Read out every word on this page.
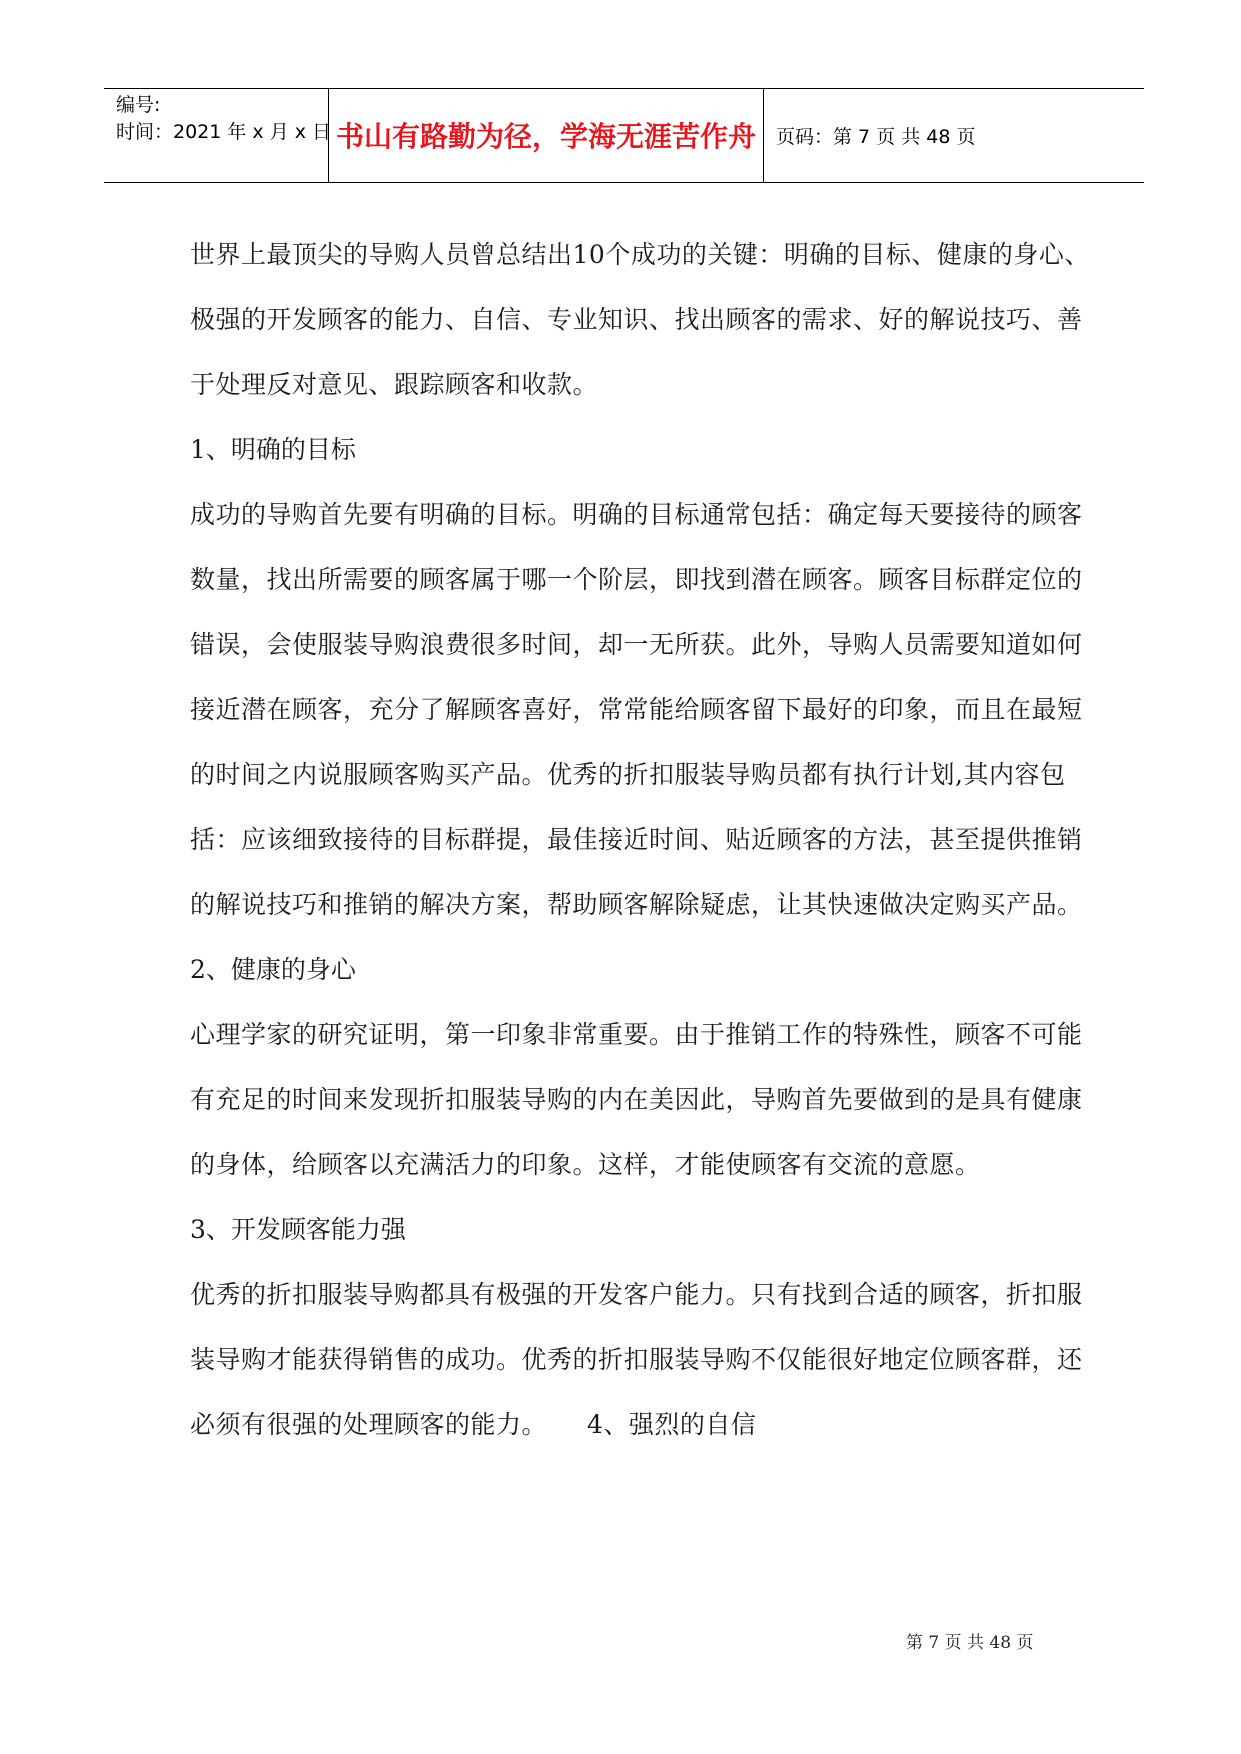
编号:
时间：2021 年 x 月 x 日 书山有路勤为径，学海无涯苦作舟	页码：第 7 页 共 48 页

世界上最顶尖的导购人员曾总结出10个成功的关键：明确的目标、健康的身心、极强的开发顾客的能力、自信、专业知识、找出顾客的需求、好的解说技巧、善于处理反对意见、跟踪顾客和收款。

1、明确的目标

成功的导购首先要有明确的目标。明确的目标通常包括：确定每天要接待的顾客数量，找出所需要的顾客属于哪一个阶层，即找到潜在顾客。顾客目标群定位的错误，会使服装导购浪费很多时间，却一无所获。此外，导购人员需要知道如何接近潜在顾客，充分了解顾客喜好，常常能给顾客留下最好的印象，而且在最短的时间之内说服顾客购买产品。优秀的折扣服装导购员都有执行计划,其内容包括：应该细致接待的目标群提，最佳接近时间、贴近顾客的方法，甚至提供推销的解说技巧和推销的解决方案，帮助顾客解除疑虑，让其快速做决定购买产品。

2、健康的身心

心理学家的研究证明，第一印象非常重要。由于推销工作的特殊性，顾客不可能有充足的时间来发现折扣服装导购的内在美因此，导购首先要做到的是具有健康的身体，给顾客以充满活力的印象。这样，才能使顾客有交流的意愿。

3、开发顾客能力强

优秀的折扣服装导购都具有极强的开发客户能力。只有找到合适的顾客，折扣服装导购才能获得销售的成功。优秀的折扣服装导购不仅能很好地定位顾客群，还必须有很强的处理顾客的能力。 4、强烈的自信

第 7 页 共 48 页
